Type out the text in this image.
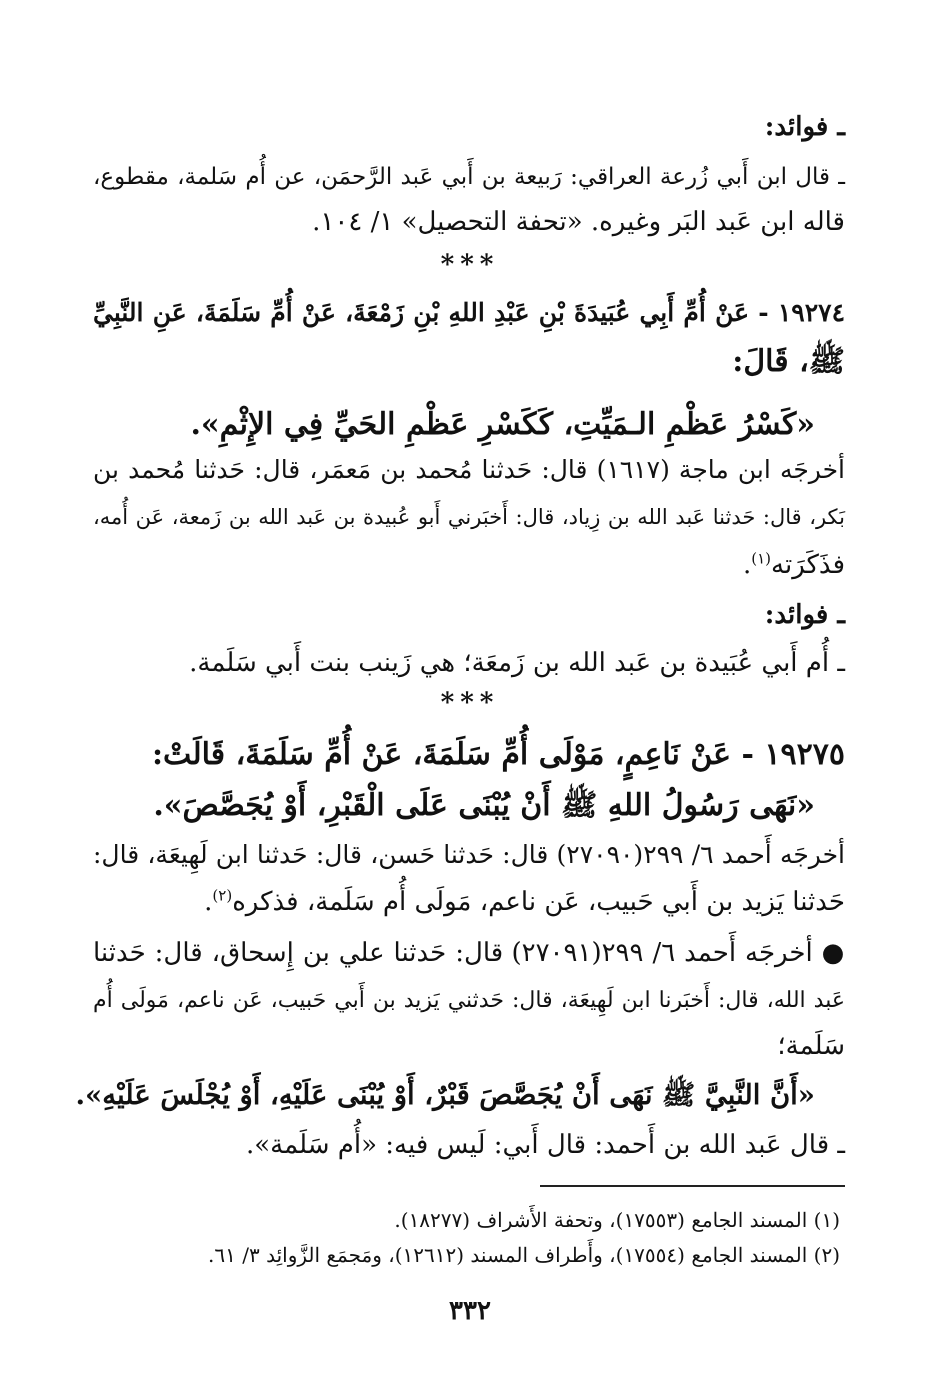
ـ فوائد:
ـ قال ابن أَبي زُرعة العراقي: رَبيعة بن أَبي عَبد الرَّحمَن، عن أُم سَلمة، مقطوع،
قاله ابن عَبد البَر وغيره. «تحفة التحصيل» ١/ ١٠٤.
***
١٩٢٧٤ - عَنْ أُمِّ أَبِي عُبَيدَةَ بْنِ عَبْدِ اللهِ بْنِ زَمْعَةَ، عَنْ أُمِّ سَلَمَةَ، عَنِ النَّبِيِّ
ﷺ، قَالَ:
«كَسْرُ عَظْمِ الـمَيِّتِ، كَكَسْرِ عَظْمِ الحَيِّ فِي الإِثْمِ».
أخرجَه ابن ماجة (١٦١٧) قال: حَدثنا مُحمد بن مَعمَر، قال: حَدثنا مُحمد بن
بَكر، قال: حَدثنا عَبد الله بن زِياد، قال: أَخبَرني أَبو عُبيدة بن عَبد الله بن زَمعة، عَن أُمه،
فذَكَرَته$^{(١)}$.
ـ فوائد:
ـ أُم أَبي عُبَيدة بن عَبد الله بن زَمعَة؛ هي زَينب بنت أَبي سَلَمة.
***
١٩٢٧٥ - عَنْ نَاعِمٍ، مَوْلَى أُمِّ سَلَمَةَ، عَنْ أُمِّ سَلَمَةَ، قَالَتْ:
«نَهَى رَسُولُ اللهِ ﷺ أَنْ يُبْنَى عَلَى الْقَبْرِ، أَوْ يُجَصَّصَ».
أخرجَه أَحمد ٦/ ٢٩٩(٢٧٠٩٠) قال: حَدثنا حَسن، قال: حَدثنا ابن لَهِيعَة، قال:
حَدثنا يَزيد بن أَبي حَبيب، عَن ناعم، مَولَى أُم سَلَمة، فذكره$^{(٢)}$.
● أخرجَه أَحمد ٦/ ٢٩٩(٢٧٠٩١) قال: حَدثنا علي بن إِسحاق، قال: حَدثنا
عَبد الله، قال: أَخبَرنا ابن لَهِيعَة، قال: حَدثني يَزيد بن أَبي حَبيب، عَن ناعم، مَولَى أُم
سَلَمة؛
«أَنَّ النَّبِيَّ ﷺ نَهَى أَنْ يُجَصَّصَ قَبْرٌ، أَوْ يُبْنَى عَلَيْهِ، أَوْ يُجْلَسَ عَلَيْهِ».
ـ قال عَبد الله بن أَحمد: قال أَبي: لَيس فيه: «أُم سَلَمة».
(١) المسند الجامع (١٧٥٥٣)، وتحفة الأَشراف (١٨٢٧٧).
(٢) المسند الجامع (١٧٥٥٤)، وأَطراف المسند (١٢٦١٢)، ومَجمَع الزَّوائِد ٣/ ٦١.
٣٣٢
